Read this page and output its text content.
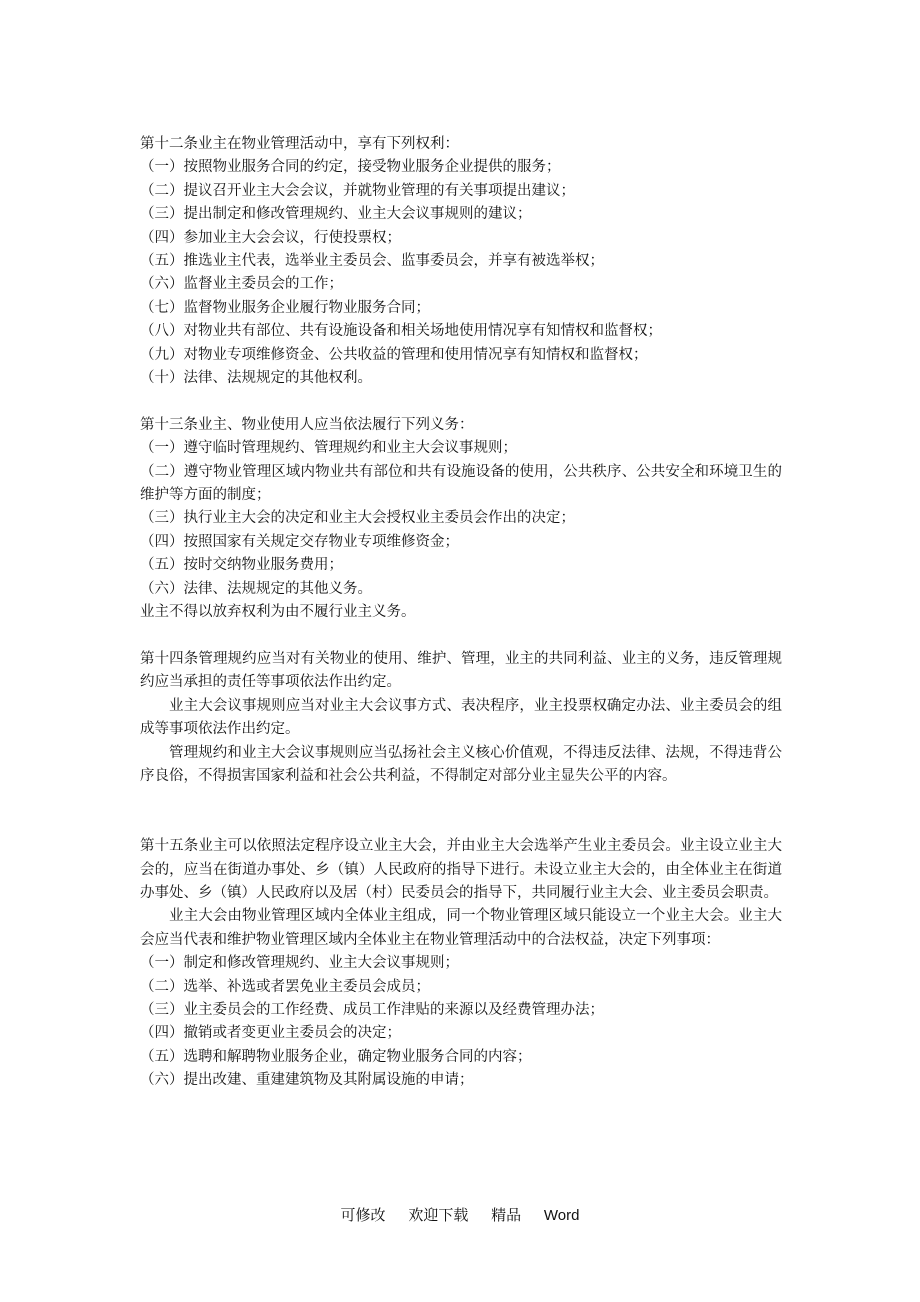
第十二条业主在物业管理活动中，享有下列权利：
（一）按照物业服务合同的约定，接受物业服务企业提供的服务；
（二）提议召开业主大会会议，并就物业管理的有关事项提出建议；
（三）提出制定和修改管理规约、业主大会议事规则的建议；
（四）参加业主大会会议，行使投票权；
（五）推选业主代表，选举业主委员会、监事委员会，并享有被选举权；
（六）监督业主委员会的工作；
（七）监督物业服务企业履行物业服务合同；
（八）对物业共有部位、共有设施设备和相关场地使用情况享有知情权和监督权；
（九）对物业专项维修资金、公共收益的管理和使用情况享有知情权和监督权；
（十）法律、法规规定的其他权利。
第十三条业主、物业使用人应当依法履行下列义务：
（一）遵守临时管理规约、管理规约和业主大会议事规则；
（二）遵守物业管理区域内物业共有部位和共有设施设备的使用，公共秩序、公共安全和环境卫生的维护等方面的制度；
（三）执行业主大会的决定和业主大会授权业主委员会作出的决定；
（四）按照国家有关规定交存物业专项维修资金；
（五）按时交纳物业服务费用；
（六）法律、法规规定的其他义务。
业主不得以放弃权利为由不履行业主义务。
第十四条管理规约应当对有关物业的使用、维护、管理，业主的共同利益、业主的义务，违反管理规约应当承担的责任等事项依法作出约定。
业主大会议事规则应当对业主大会议事方式、表决程序，业主投票权确定办法、业主委员会的组成等事项依法作出约定。
管理规约和业主大会议事规则应当弘扬社会主义核心价值观，不得违反法律、法规，不得违背公序良俗，不得损害国家利益和社会公共利益，不得制定对部分业主显失公平的内容。
第十五条业主可以依照法定程序设立业主大会，并由业主大会选举产生业主委员会。业主设立业主大会的，应当在街道办事处、乡（镇）人民政府的指导下进行。未设立业主大会的，由全体业主在街道办事处、乡（镇）人民政府以及居（村）民委员会的指导下，共同履行业主大会、业主委员会职责。
业主大会由物业管理区域内全体业主组成，同一个物业管理区域只能设立一个业主大会。业主大会应当代表和维护物业管理区域内全体业主在物业管理活动中的合法权益，决定下列事项：
（一）制定和修改管理规约、业主大会议事规则；
（二）选举、补选或者罢免业主委员会成员；
（三）业主委员会的工作经费、成员工作津贴的来源以及经费管理办法；
（四）撤销或者变更业主委员会的决定；
（五）选聘和解聘物业服务企业，确定物业服务合同的内容；
（六）提出改建、重建建筑物及其附属设施的申请；
可修改 欢迎下载 精品 Word
